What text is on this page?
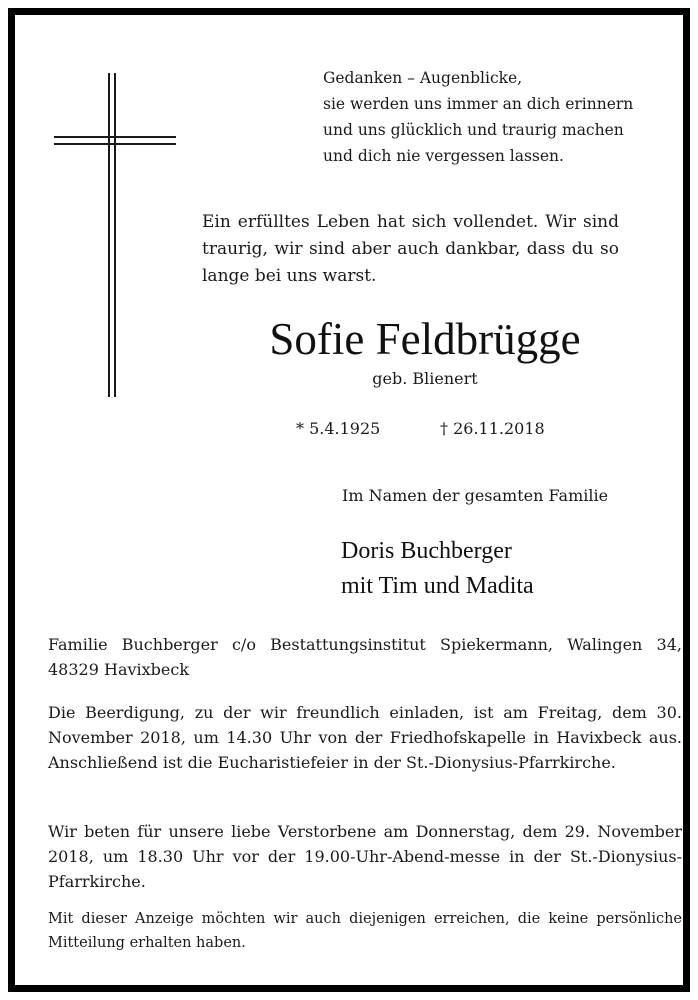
Gedanken – Augenblicke,
sie werden uns immer an dich erinnern
und uns glücklich und traurig machen
und dich nie vergessen lassen.
Ein erfülltes Leben hat sich vollendet. Wir sind traurig, wir sind aber auch dankbar, dass du so lange bei uns warst.
Sofie Feldbrügge
geb. Blienert
* 5.4.1925	† 26.11.2018
Im Namen der gesamten Familie
Doris Buchberger
mit Tim und Madita
Familie Buchberger c/o Bestattungsinstitut Spiekermann, Walingen 34, 48329 Havixbeck
Die Beerdigung, zu der wir freundlich einladen, ist am Freitag, dem 30. November 2018, um 14.30 Uhr von der Friedhofskapelle in Havixbeck aus. Anschließend ist die Eucharistiefeier in der St.-Dionysius-Pfarrkirche.
Wir beten für unsere liebe Verstorbene am Donnerstag, dem 29. November 2018, um 18.30 Uhr vor der 19.00-Uhr-Abend-messe in der St.-Dionysius-Pfarrkirche.
Mit dieser Anzeige möchten wir auch diejenigen erreichen, die keine persönliche Mitteilung erhalten haben.
